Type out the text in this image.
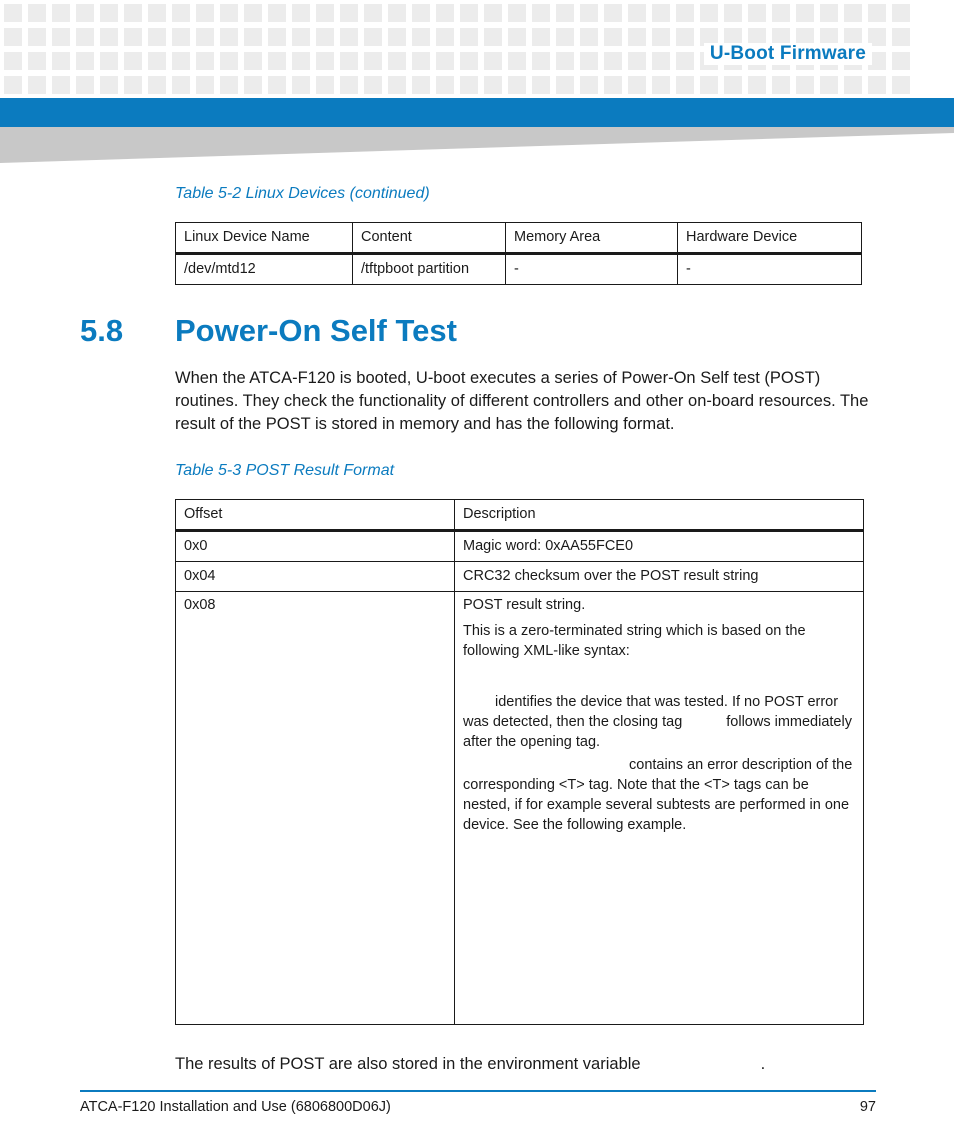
U-Boot Firmware
Table 5-2 Linux Devices (continued)
Linux Device Name	Content	Memory Area	Hardware Device
/dev/mtd12	/tftpboot partition	-	-
5.8 Power-On Self Test
When the ATCA-F120 is booted, U-boot executes a series of Power-On Self test (POST) routines. They check the functionality of different controllers and other on-board resources. The result of the POST is stored in memory and has the following format.
Table 5-3 POST Result Format
Offset	Description
0x0	Magic word: 0xAA55FCE0
0x04	CRC32 checksum over the POST result string
0x08	POST result string.

This is a zero-terminated string which is based on the following XML-like syntax:

identifies the device that was tested. If no POST error was detected, then the closing tag follows immediately after the opening tag.

contains an error description of the corresponding <T> tag. Note that the <T> tags can be nested, if for example several subtests are performed in one device. See the following example.

The results of POST are also stored in the environment variable	.
ATCA-F120 Installation and Use (6806800D06J)	97
